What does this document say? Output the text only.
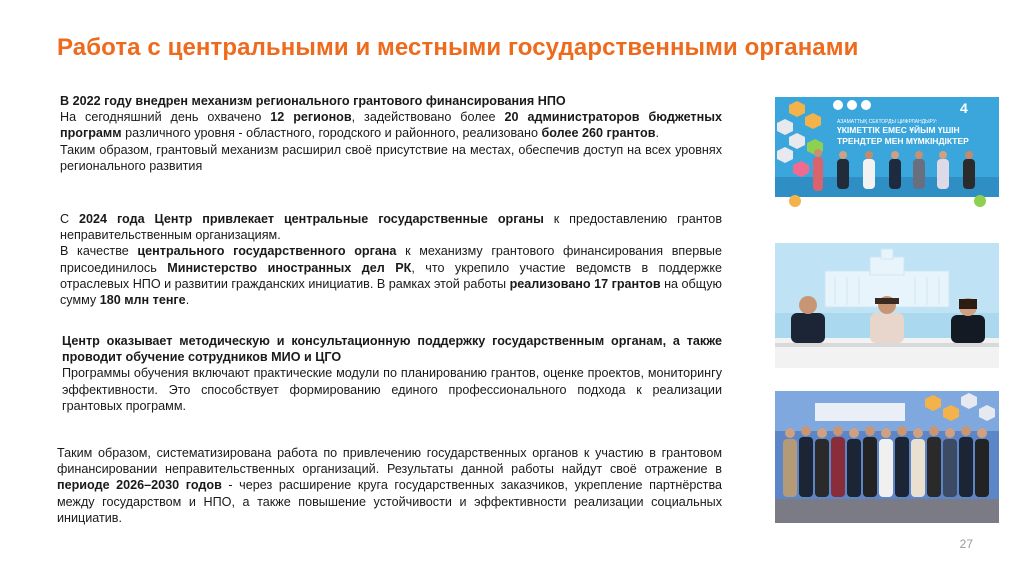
Работа с центральными и местными государственными органами

В 2022 году внедрен механизм регионального грантового финансирования НПО

На сегодняшний день охвачено 12 регионов, задействовано более 20 администраторов бюджетных программ различного уровня - областного, городского и районного, реализовано более 260 грантов.

Таким образом, грантовый механизм расширил своё присутствие на местах, обеспечив доступ на всех уровнях регионального развития

С 2024 года Центр привлекает центральные государственные органы к предоставлению грантов неправительственным организациям.

В качестве центрального государственного органа к механизму грантового финансирования впервые присоединилось Министерство иностранных дел РК, что укрепило участие ведомств в поддержке отраслевых НПО и развитии гражданских инициатив. В рамках этой работы реализовано 17 грантов на общую сумму 180 млн тенге.

Центр оказывает методическую и консультационную поддержку государственным органам, а также проводит обучение сотрудников МИО и ЦГО

Программы обучения включают практические модули по планированию грантов, оценке проектов, мониторингу эффективности. Это способствует формированию единого профессионального подхода к реализации грантовых программ.

Таким образом, систематизирована работа по привлечению государственных органов к участию в грантовом финансировании неправительственных организаций. Результаты данной работы найдут своё отражение в периоде 2026–2030 годов - через расширение круга государственных заказчиков, укрепление партнёрства между государством и НПО, а также повышение устойчивости и эффективности реализации социальных инициатив.

4
АЗАМАТТЫҚ СЕКТОРДЫ ЦИФРЛАНДЫРУ:
ҮКІМЕТТІК ЕМЕС ҰЙЫМ ҮШІН
ТРЕНДТЕР МЕН МҮМКІНДІКТЕР
27
